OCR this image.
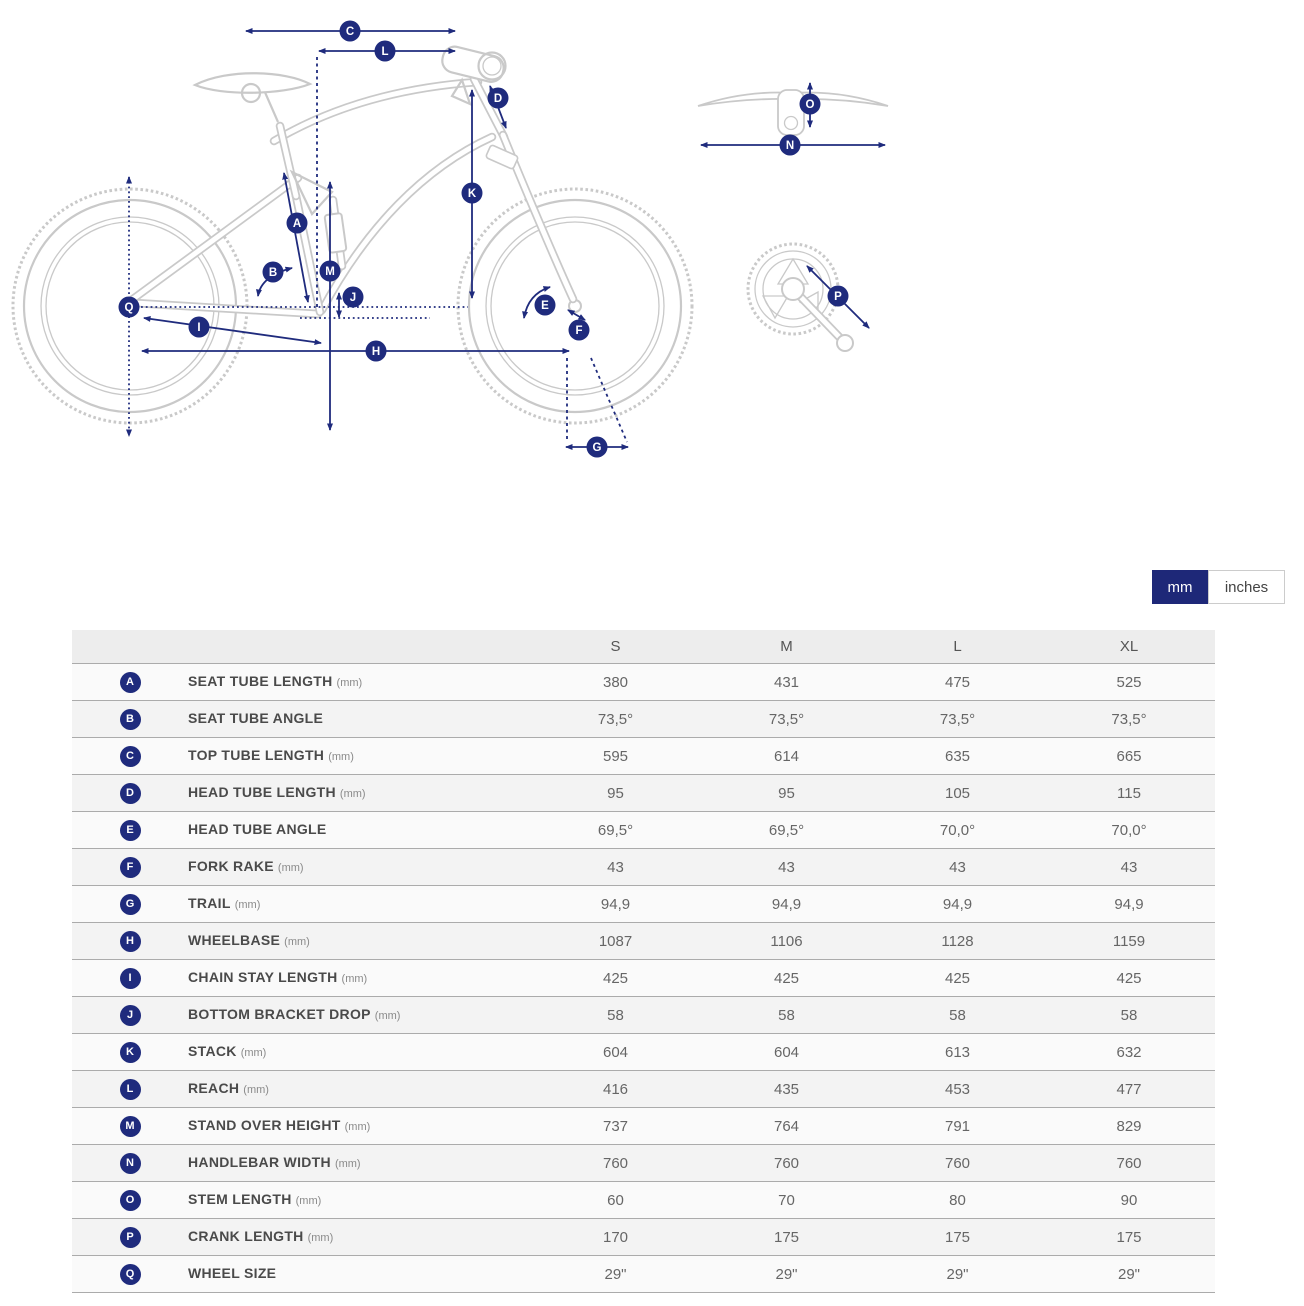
A
B
C
D
E
F
G
H
I
J
K
L
M
N
O
P
Q
mm	inches
		S	M	L	XL
A	SEAT TUBE LENGTH (mm)	380	431	475	525
B	SEAT TUBE ANGLE	73,5°	73,5°	73,5°	73,5°
C	TOP TUBE LENGTH (mm)	595	614	635	665
D	HEAD TUBE LENGTH (mm)	95	95	105	115
E	HEAD TUBE ANGLE	69,5°	69,5°	70,0°	70,0°
F	FORK RAKE (mm)	43	43	43	43
G	TRAIL (mm)	94,9	94,9	94,9	94,9
H	WHEELBASE (mm)	1087	1106	1128	1159
I	CHAIN STAY LENGTH (mm)	425	425	425	425
J	BOTTOM BRACKET DROP (mm)	58	58	58	58
K	STACK (mm)	604	604	613	632
L	REACH (mm)	416	435	453	477
M	STAND OVER HEIGHT (mm)	737	764	791	829
N	HANDLEBAR WIDTH (mm)	760	760	760	760
O	STEM LENGTH (mm)	60	70	80	90
P	CRANK LENGTH (mm)	170	175	175	175
Q	WHEEL SIZE	29"	29"	29"	29"
